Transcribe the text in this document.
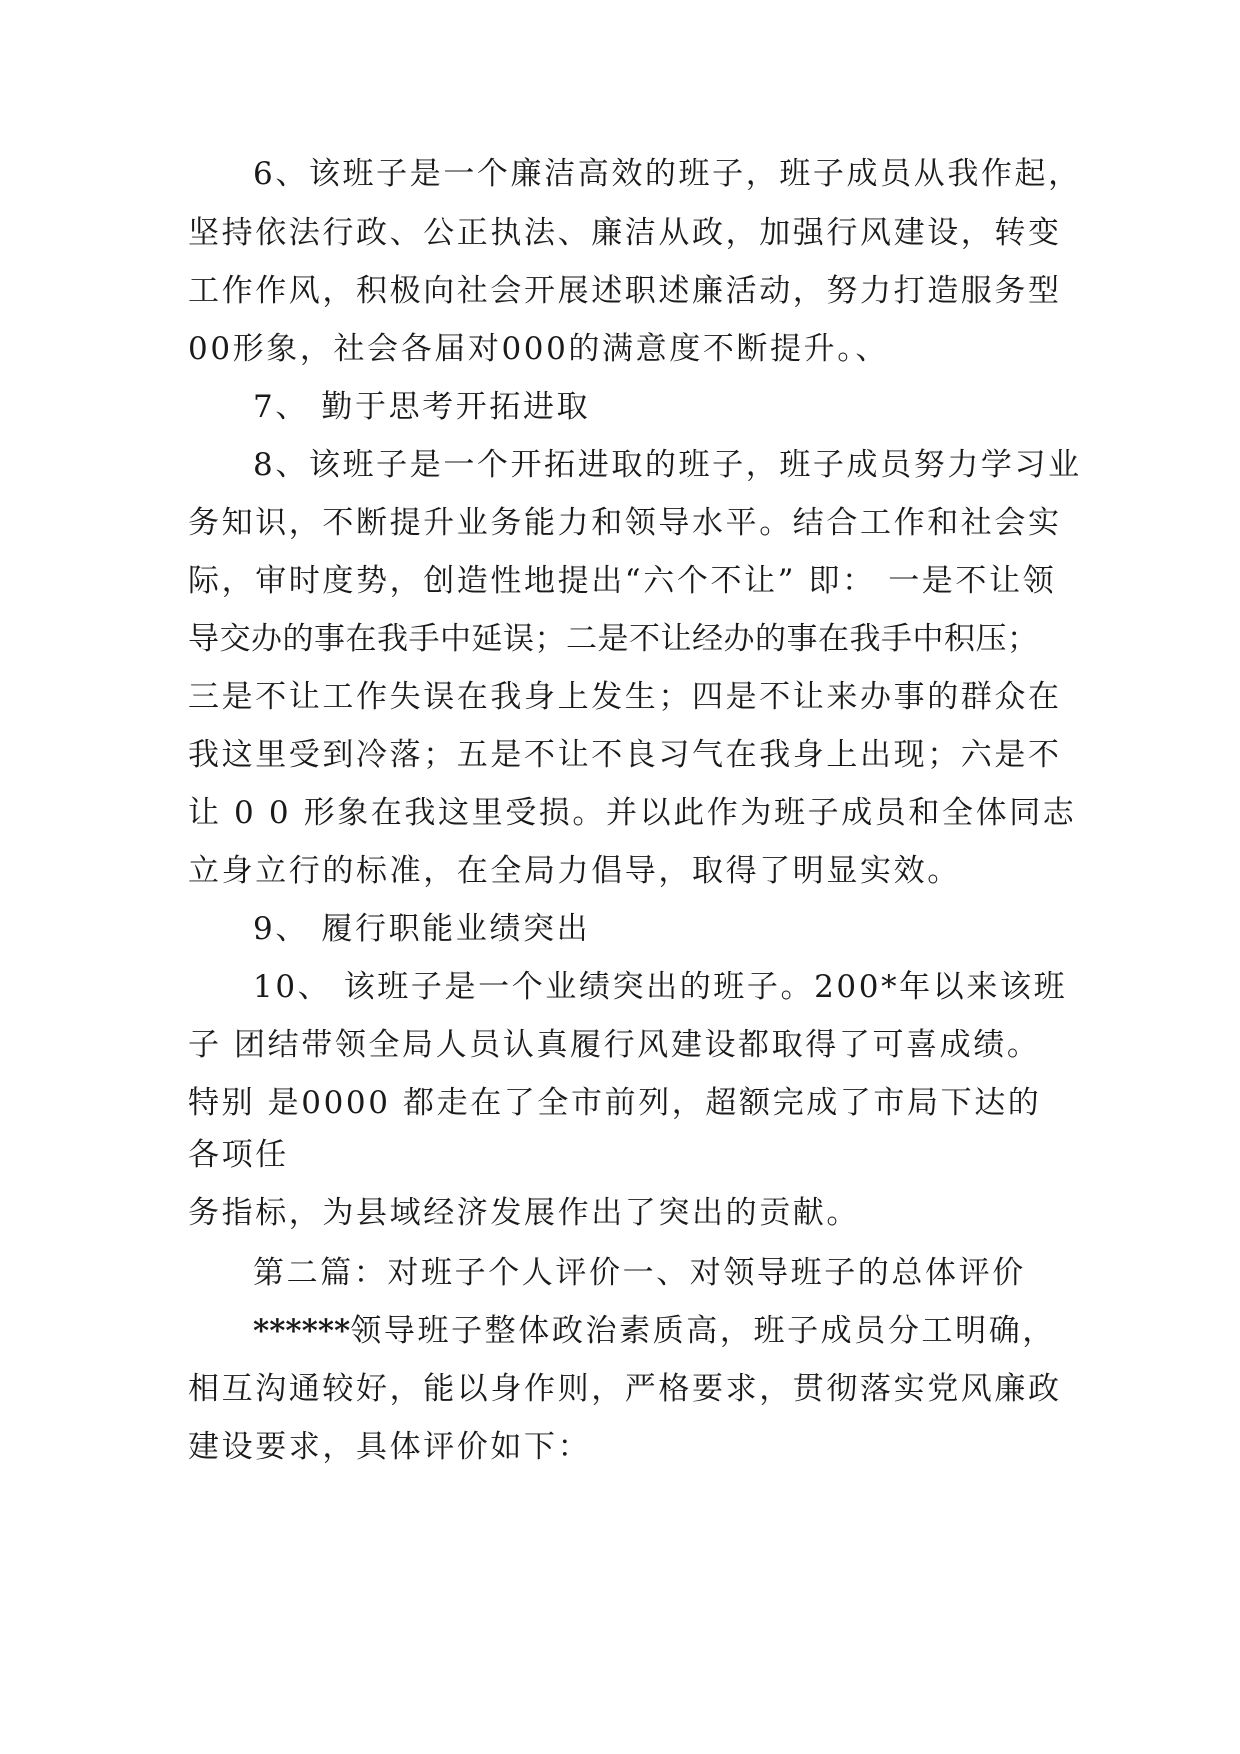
6、该班子是一个廉洁高效的班子，班子成员从我作起，
坚持依法行政、公正执法、廉洁从政，加强行风建设，转变
工作作风，积极向社会开展述职述廉活动，努力打造服务型
00形象，社会各届对000的满意度不断提升。、
7、 勤于思考开拓进取
8、该班子是一个开拓进取的班子，班子成员努力学习业
务知识，不断提升业务能力和领导水平。结合工作和社会实
际，审时度势，创造性地提出“六个不让” 即： 一是不让领
导交办的事在我手中延误；二是不让经办的事在我手中积压；
三是不让工作失误在我身上发生；四是不让来办事的群众在
我这里受到冷落；五是不让不良习气在我身上出现；六是不
让 0 0 形象在我这里受损。并以此作为班子成员和全体同志
立身立行的标准，在全局力倡导，取得了明显实效。
9、 履行职能业绩突出
10、 该班子是一个业绩突出的班子。200*年以来该班
子 团结带领全局人员认真履行风建设都取得了可喜成绩。
特别 是0000 都走在了全市前列，超额完成了市局下达的
各项任
务指标，为县域经济发展作出了突出的贡献。
第二篇：对班子个人评价一、对领导班子的总体评价
******领导班子整体政治素质高，班子成员分工明确，
相互沟通较好，能以身作则，严格要求，贯彻落实党风廉政
建设要求，具体评价如下：
